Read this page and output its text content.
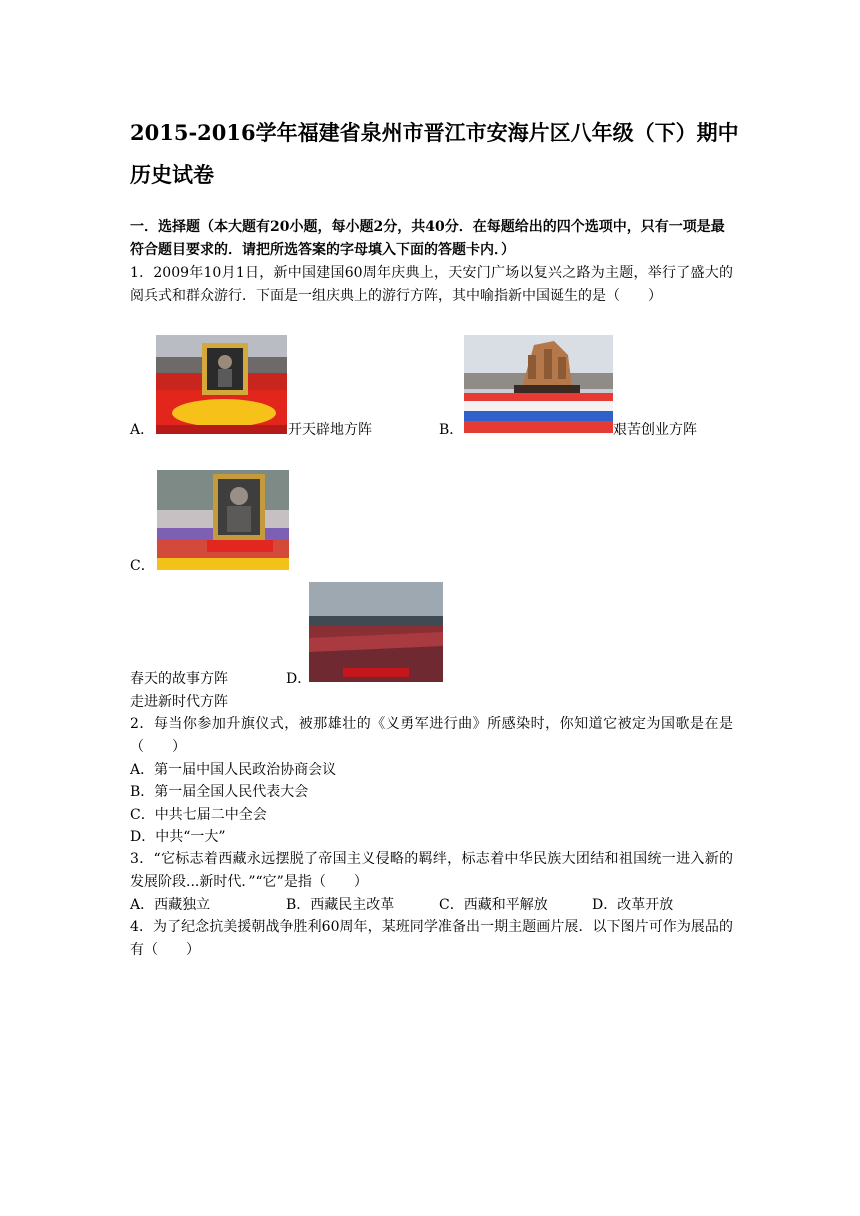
2015-2016学年福建省泉州市晋江市安海片区八年级（下）期中历史试卷
一．选择题（本大题有20小题，每小题2分，共40分．在每题给出的四个选项中，只有一项是最符合题目要求的．请把所选答案的字母填入下面的答题卡内．）
1．2009年10月1日，新中国建国60周年庆典上，天安门广场以复兴之路为主题，举行了盛大的阅兵式和群众游行．下面是一组庆典上的游行方阵，其中喻指新中国诞生的是（　　）
A．	开天辟地方阵	B．	艰苦创业方阵
C．
春天的故事方阵	D．
走进新时代方阵
2．每当你参加升旗仪式，被那雄壮的《义勇军进行曲》所感染时，你知道它被定为国歌是在是（　　）
A．第一届中国人民政治协商会议
B．第一届全国人民代表大会
C．中共七届二中全会
D．中共“一大”
3．“它标志着西藏永远摆脱了帝国主义侵略的羁绊，标志着中华民族大团结和祖国统一进入新的发展阶段...新时代．”“它”是指（　　）
A．西藏独立	B．西藏民主改革	C．西藏和平解放	D．改革开放
4．为了纪念抗美援朝战争胜利60周年，某班同学准备出一期主题画片展．以下图片可作为展品的有（　　）
